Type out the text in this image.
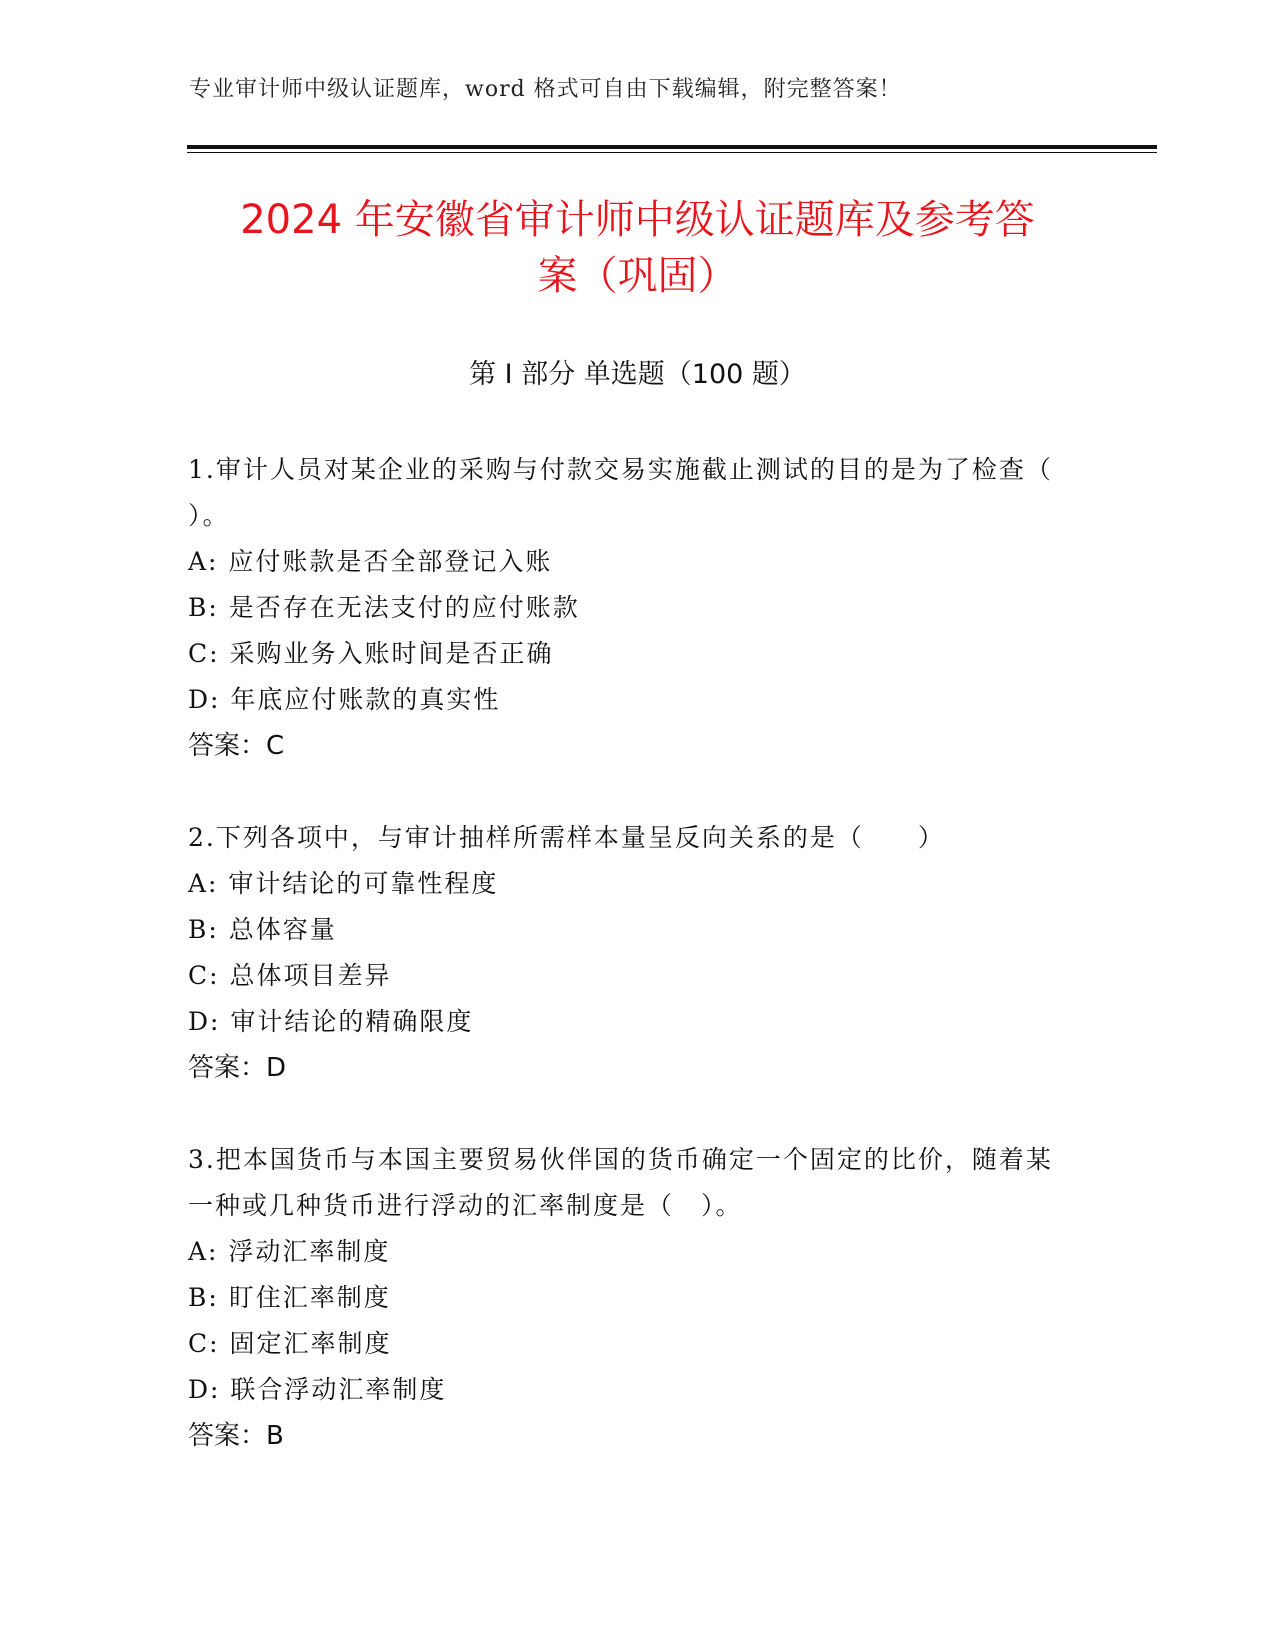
专业审计师中级认证题库，word 格式可自由下载编辑，附完整答案！
2024 年安徽省审计师中级认证题库及参考答
案（巩固）
第 I 部分 单选题（100 题）
1.审计人员对某企业的采购与付款交易实施截止测试的目的是为了检查（ ）。
A: 应付账款是否全部登记入账
B: 是否存在无法支付的应付账款
C: 采购业务入账时间是否正确
D: 年底应付账款的真实性
答案：C
2.下列各项中，与审计抽样所需样本量呈反向关系的是（　　）
A: 审计结论的可靠性程度
B: 总体容量
C: 总体项目差异
D: 审计结论的精确限度
答案：D
3.把本国货币与本国主要贸易伙伴国的货币确定一个固定的比价，随着某一种或几种货币进行浮动的汇率制度是（　）。
A: 浮动汇率制度
B: 盯住汇率制度
C: 固定汇率制度
D: 联合浮动汇率制度
答案：B
